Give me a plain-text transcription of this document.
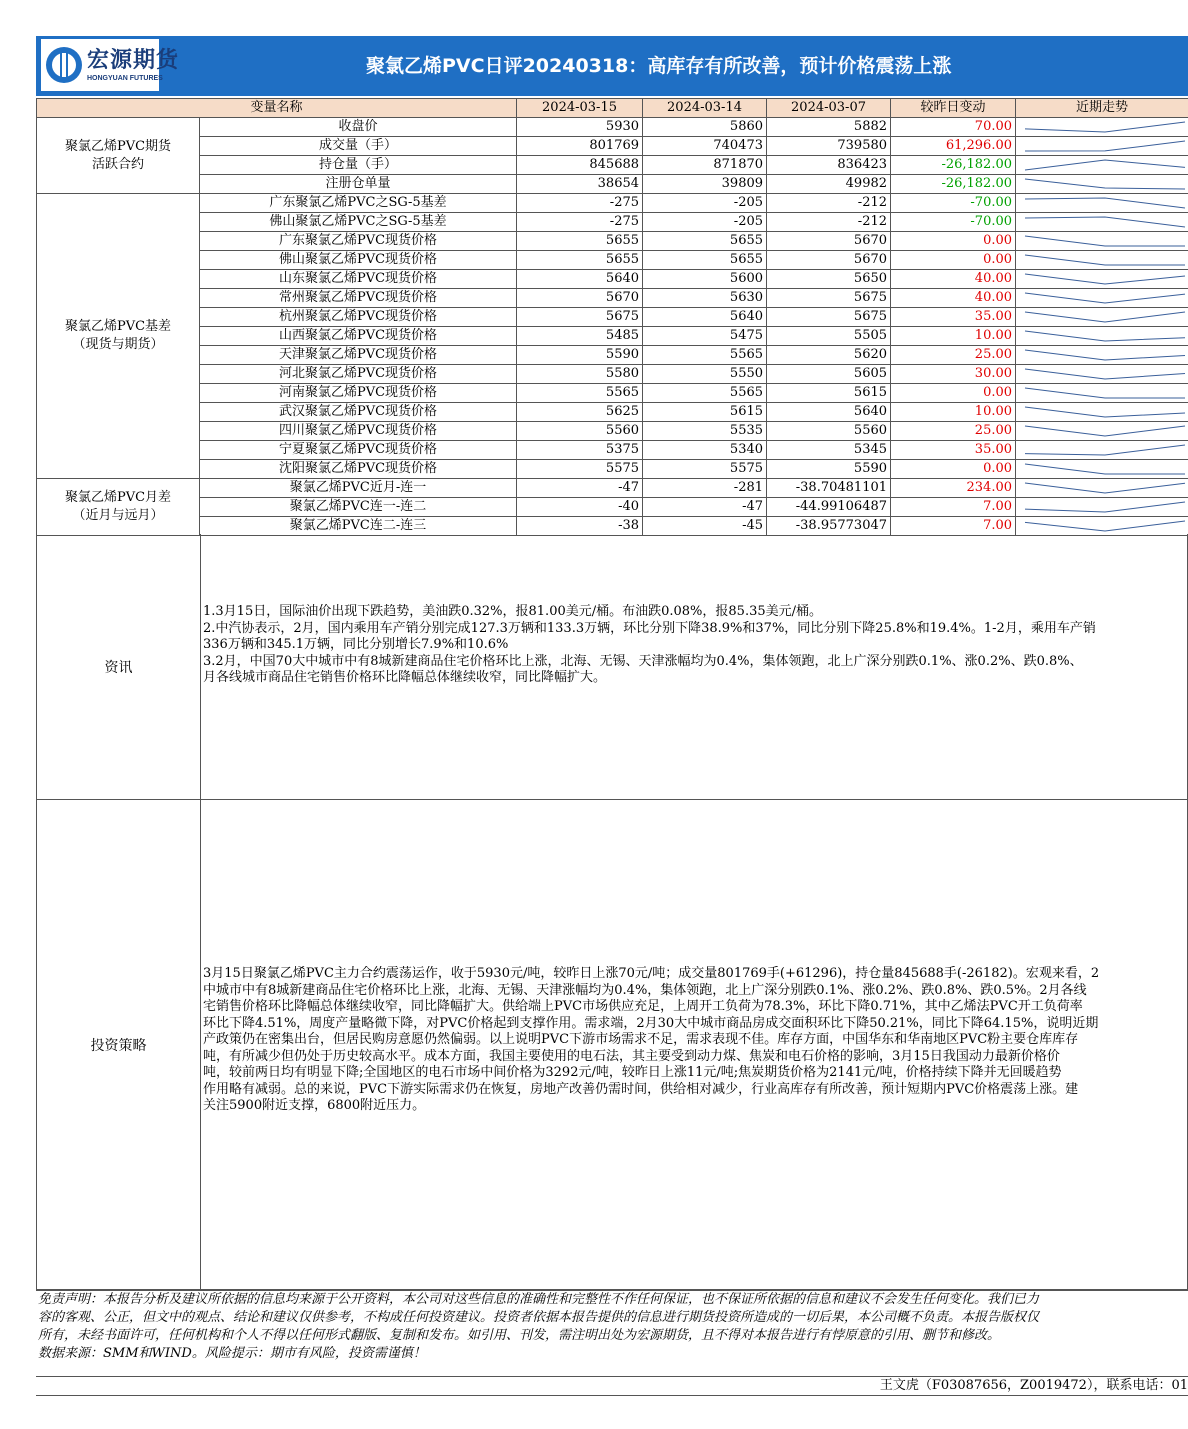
宏源期货
HONGYUAN FUTURES
聚氯乙烯PVC日评20240318：高库存有所改善，预计价格震荡上涨
变量名称		2024-03-15	2024-03-14	2024-03-07	较昨日变动	近期走势
聚氯乙烯PVC期货
活跃合约	收盘价	5930	5860	5882	70.00	

	成交量（手）	801769	740473	739580	61,296.00	

	持仓量（手）	845688	871870	836423	-26,182.00	

	注册仓单量	38654	39809	49982	-26,182.00	

聚氯乙烯PVC基差
（现货与期货）	广东聚氯乙烯PVC之SG-5基差	-275	-205	-212	-70.00	

	佛山聚氯乙烯PVC之SG-5基差	-275	-205	-212	-70.00	

	广东聚氯乙烯PVC现货价格	5655	5655	5670	0.00	

	佛山聚氯乙烯PVC现货价格	5655	5655	5670	0.00	

	山东聚氯乙烯PVC现货价格	5640	5600	5650	40.00	

	常州聚氯乙烯PVC现货价格	5670	5630	5675	40.00	

	杭州聚氯乙烯PVC现货价格	5675	5640	5675	35.00	

	山西聚氯乙烯PVC现货价格	5485	5475	5505	10.00	

	天津聚氯乙烯PVC现货价格	5590	5565	5620	25.00	

	河北聚氯乙烯PVC现货价格	5580	5550	5605	30.00	

	河南聚氯乙烯PVC现货价格	5565	5565	5615	0.00	

	武汉聚氯乙烯PVC现货价格	5625	5615	5640	10.00	

	四川聚氯乙烯PVC现货价格	5560	5535	5560	25.00	

	宁夏聚氯乙烯PVC现货价格	5375	5340	5345	35.00	

	沈阳聚氯乙烯PVC现货价格	5575	5575	5590	0.00	

聚氯乙烯PVC月差
（近月与远月）	聚氯乙烯PVC近月-连一	-47	-281	-38.70481101	234.00	

	聚氯乙烯PVC连一-连二	-40	-47	-44.99106487	7.00	

	聚氯乙烯PVC连二-连三	-38	-45	-38.95773047	7.00	
资讯
1.3月15日，国际油价出现下跌趋势，美油跌0.32%，报81.00美元/桶。布油跌0.08%，报85.35美元/桶。
2.中汽协表示，2月，国内乘用车产销分别完成127.3万辆和133.3万辆，环比分别下降38.9%和37%，同比分别下降25.8%和19.4%。1-2月，乘用车产销
336万辆和345.1万辆，同比分别增长7.9%和10.6%
3.2月，中国70大中城市中有8城新建商品住宅价格环比上涨，北海、无锡、天津涨幅均为0.4%，集体领跑，北上广深分别跌0.1%、涨0.2%、跌0.8%、
月各线城市商品住宅销售价格环比降幅总体继续收窄，同比降幅扩大。
投资策略
3月15日聚氯乙烯PVC主力合约震荡运作，收于5930元/吨，较昨日上涨70元/吨；成交量801769手(+61296)，持仓量845688手(-26182)。宏观来看，2
中城市中有8城新建商品住宅价格环比上涨，北海、无锡、天津涨幅均为0.4%，集体领跑，北上广深分别跌0.1%、涨0.2%、跌0.8%、跌0.5%。2月各线
宅销售价格环比降幅总体继续收窄，同比降幅扩大。供给端上PVC市场供应充足，上周开工负荷为78.3%，环比下降0.71%，其中乙烯法PVC开工负荷率
环比下降4.51%，周度产量略微下降，对PVC价格起到支撑作用。需求端，2月30大中城市商品房成交面积环比下降50.21%，同比下降64.15%，说明近期
产政策仍在密集出台，但居民购房意愿仍然偏弱。以上说明PVC下游市场需求不足，需求表现不佳。库存方面，中国华东和华南地区PVC粉主要仓库库存
吨，有所减少但仍处于历史较高水平。成本方面，我国主要使用的电石法，其主要受到动力煤、焦炭和电石价格的影响，3月15日我国动力最新价格价
吨，较前两日均有明显下降;全国地区的电石市场中间价格为3292元/吨，较昨日上涨11元/吨;焦炭期货价格为2141元/吨，价格持续下降并无回暖趋势
作用略有减弱。总的来说，PVC下游实际需求仍在恢复，房地产改善仍需时间，供给相对减少，行业高库存有所改善，预计短期内PVC价格震荡上涨。建
关注5900附近支撑，6800附近压力。
免责声明：本报告分析及建议所依据的信息均来源于公开资料，本公司对这些信息的准确性和完整性不作任何保证，也不保证所依据的信息和建议不会发生任何变化。我们已力
容的客观、公正，但文中的观点、结论和建议仅供参考，不构成任何投资建议。投资者依据本报告提供的信息进行期货投资所造成的一切后果，本公司概不负责。本报告版权仅
所有，未经书面许可，任何机构和个人不得以任何形式翻版、复制和发布。如引用、刊发，需注明出处为宏源期货，且不得对本报告进行有悖原意的引用、删节和修改。
数据来源：SMM和WIND。风险提示：期市有风险，投资需谨慎！
王文虎（F03087656，Z0019472），联系电话：01
